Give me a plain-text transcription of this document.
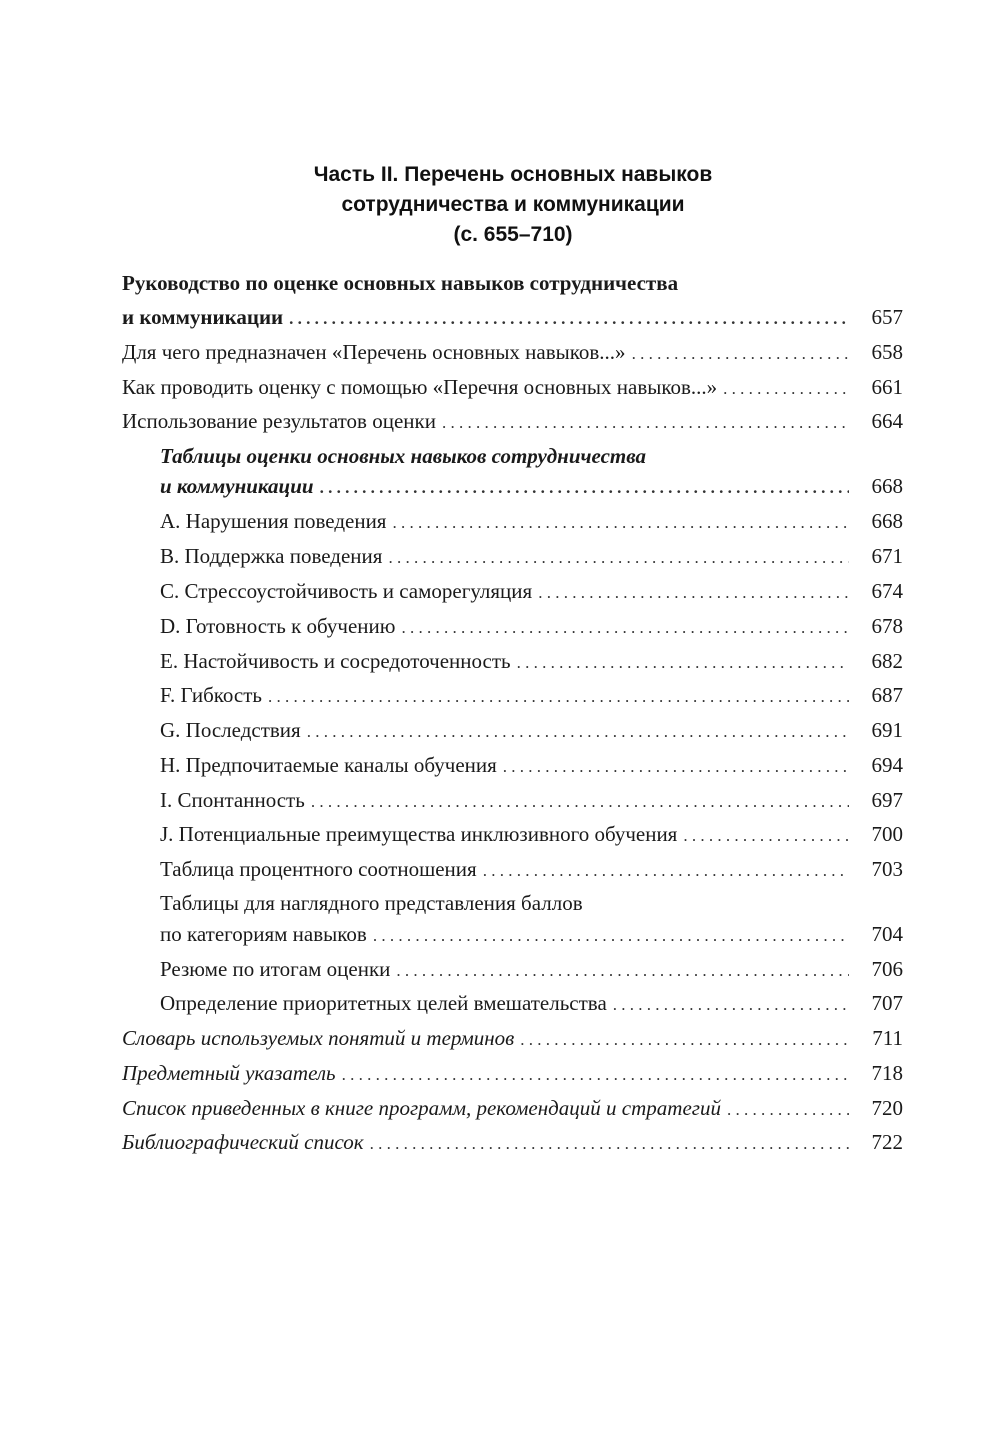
Часть II. Перечень основных навыков
сотрудничества и коммуникации
(с. 655–710)
Руководство по оценке основных навыков сотрудничества
и коммуникации . . .	657
Для чего предназначен «Перечень основных навыков...» . . .	658
Как проводить оценку с помощью «Перечня основных навыков...» . . .	661
Использование результатов оценки . . .	664
Таблицы оценки основных навыков сотрудничества
и коммуникации . . .	668
A. Нарушения поведения . . .	668
B. Поддержка поведения . . .	671
C. Стрессоустойчивость и саморегуляция . . .	674
D. Готовность к обучению . . .	678
E. Настойчивость и сосредоточенность . . .	682
F. Гибкость . . .	687
G. Последствия . . .	691
H. Предпочитаемые каналы обучения . . .	694
I. Спонтанность . . .	697
J. Потенциальные преимущества инклюзивного обучения . . .	700
Таблица процентного соотношения . . .	703
Таблицы для наглядного представления баллов
по категориям навыков . . .	704
Резюме по итогам оценки . . .	706
Определение приоритетных целей вмешательства . . .	707
Словарь используемых понятий и терминов . . .	711
Предметный указатель . . .	718
Список приведенных в книге программ, рекомендаций и стратегий . . .	720
Библиографический список . . .	722
